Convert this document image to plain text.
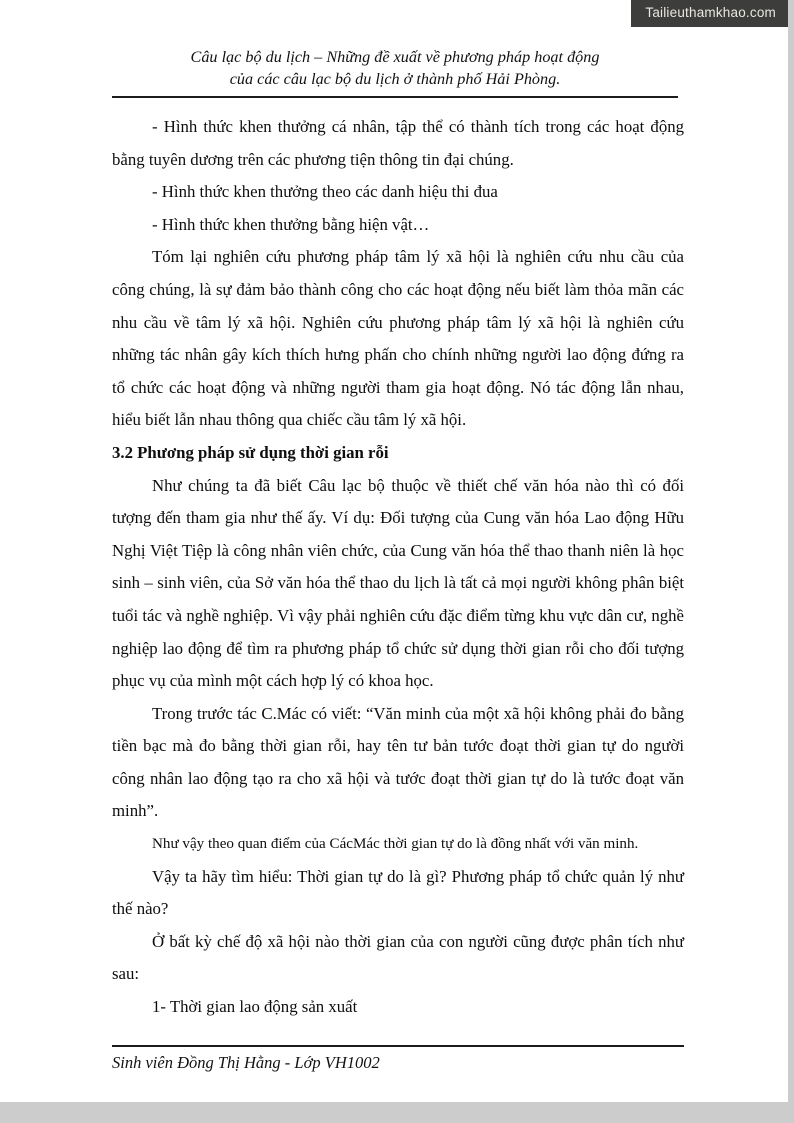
Tailieuthamkhao.com
Câu lạc bộ du lịch – Những đề xuất về phương pháp hoạt động
của các câu lạc bộ du lịch ở thành phố Hải Phòng.

- Hình thức khen thưởng cá nhân, tập thể có thành tích trong các hoạt động bằng tuyên dương trên các phương tiện thông tin đại chúng.

- Hình thức khen thưởng theo các danh hiệu thi đua

- Hình thức khen thưởng bằng hiện vật…

Tóm lại nghiên cứu phương pháp tâm lý xã hội là nghiên cứu nhu cầu của công chúng, là sự đảm bảo thành công cho các hoạt động nếu biết làm thỏa mãn các nhu cầu về tâm lý xã hội. Nghiên cứu phương pháp tâm lý xã hội là nghiên cứu những tác nhân gây kích thích hưng phấn cho chính những người lao động đứng ra tổ chức các hoạt động và những người tham gia hoạt động. Nó tác động lẫn nhau, hiểu biết lẫn nhau thông qua chiếc cầu tâm lý xã hội.

3.2 Phương pháp sử dụng thời gian rỗi

Như chúng ta đã biết Câu lạc bộ thuộc về thiết chế văn hóa nào thì có đối tượng đến tham gia như thế ấy. Ví dụ: Đối tượng của Cung văn hóa Lao động Hữu Nghị Việt Tiệp là công nhân viên chức, của Cung văn hóa thể thao thanh niên là học sinh – sinh viên, của Sở văn hóa thể thao du lịch là tất cả mọi người không phân biệt tuổi tác và nghề nghiệp. Vì vậy phải nghiên cứu đặc điểm từng khu vực dân cư, nghề nghiệp lao động để tìm ra phương pháp tổ chức sử dụng thời gian rỗi cho đối tượng phục vụ của mình một cách hợp lý có khoa học.

Trong trước tác C.Mác có viết: “Văn minh của một xã hội không phải đo bằng tiền bạc mà đo bằng thời gian rỗi, hay tên tư bản tước đoạt thời gian tự do người công nhân lao động tạo ra cho xã hội và tước đoạt thời gian tự do là tước đoạt văn minh”.

Như vậy theo quan điểm của CácMác thời gian tự do là đồng nhất với văn minh.

Vậy ta hãy tìm hiểu: Thời gian tự do là gì? Phương pháp tổ chức quản lý như thế nào?

Ở bất kỳ chế độ xã hội nào thời gian của con người cũng được phân tích như sau:

1- Thời gian lao động sản xuất

Sinh viên Đồng Thị Hằng - Lớp VH1002
